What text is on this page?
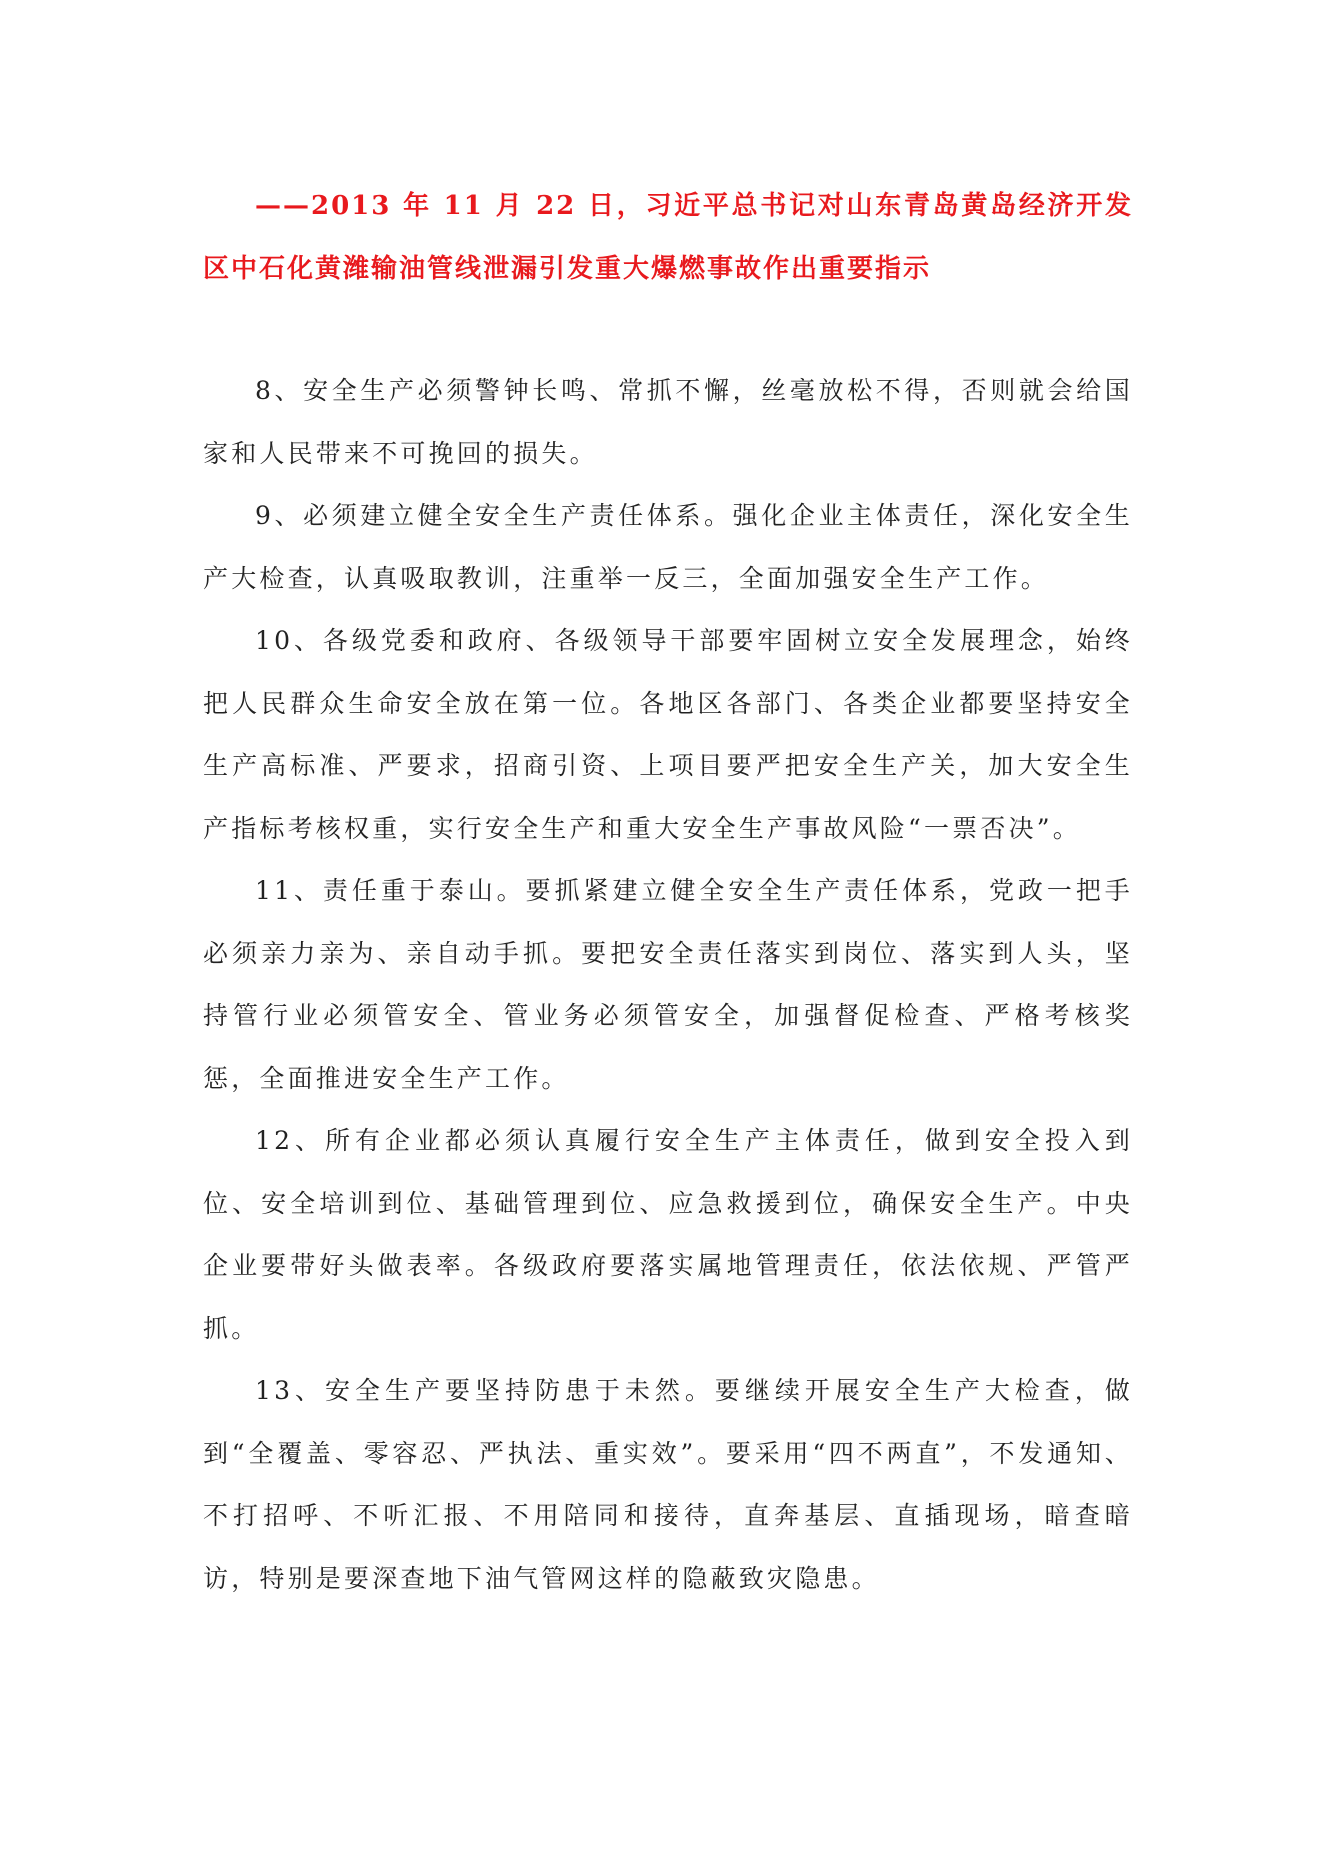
——2013 年 11 月 22 日，习近平总书记对山东青岛黄岛经济开发区中石化黄潍输油管线泄漏引发重大爆燃事故作出重要指示

8、安全生产必须警钟长鸣、常抓不懈，丝毫放松不得，否则就会给国家和人民带来不可挽回的损失。

9、必须建立健全安全生产责任体系。强化企业主体责任，深化安全生产大检查，认真吸取教训，注重举一反三，全面加强安全生产工作。

10、各级党委和政府、各级领导干部要牢固树立安全发展理念，始终把人民群众生命安全放在第一位。各地区各部门、各类企业都要坚持安全生产高标准、严要求，招商引资、上项目要严把安全生产关，加大安全生产指标考核权重，实行安全生产和重大安全生产事故风险“一票否决”。

11、责任重于泰山。要抓紧建立健全安全生产责任体系，党政一把手必须亲力亲为、亲自动手抓。要把安全责任落实到岗位、落实到人头，坚持管行业必须管安全、管业务必须管安全，加强督促检查、严格考核奖惩，全面推进安全生产工作。

12、所有企业都必须认真履行安全生产主体责任，做到安全投入到位、安全培训到位、基础管理到位、应急救援到位，确保安全生产。中央企业要带好头做表率。各级政府要落实属地管理责任，依法依规、严管严抓。

13、安全生产要坚持防患于未然。要继续开展安全生产大检查，做到“全覆盖、零容忍、严执法、重实效”。要采用“四不两直”，不发通知、不打招呼、不听汇报、不用陪同和接待，直奔基层、直插现场，暗查暗访，特别是要深查地下油气管网这样的隐蔽致灾隐患。
